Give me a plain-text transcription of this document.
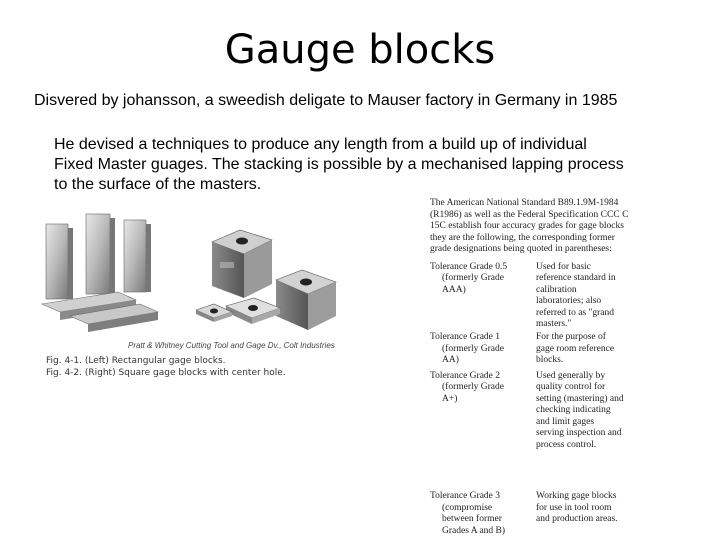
Gauge blocks
Disvered by johansson, a sweedish deligate to Mauser factory in Germany in 1985
He devised a techniques to produce any length from a build up of individual
Fixed Master guages. The stacking is possible by a mechanised lapping process
to the surface of the masters.
Pratt & Whitney Cutting Tool and Gage Dv., Colt Industries
Fig. 4-1. (Left) Rectangular gage blocks.
Fig. 4-2. (Right) Square gage blocks with center hole.
The American National Standard B89.1.9M-1984
(R1986) as well as the Federal Specification CCC C
15C establish four accuracy grades for gage blocks
they are the following, the corresponding former
grade designations being quoted in parentheses:
Tolerance Grade 0.5
(formerly Grade
AAA)
Used for basic
reference standard in
calibration
laboratories; also
referred to as "grand
masters."
Tolerance Grade 1
(formerly Grade
AA)
For the purpose of
gage room reference
blocks.
Tolerance Grade 2
(formerly Grade
A+)
Used generally by
quality control for
setting (mastering) and
checking indicating
and limit gages
serving inspection and
process control.
Tolerance Grade 3
(compromise
between former
Grades A and B)
Working gage blocks
for use in tool room
and production areas.
